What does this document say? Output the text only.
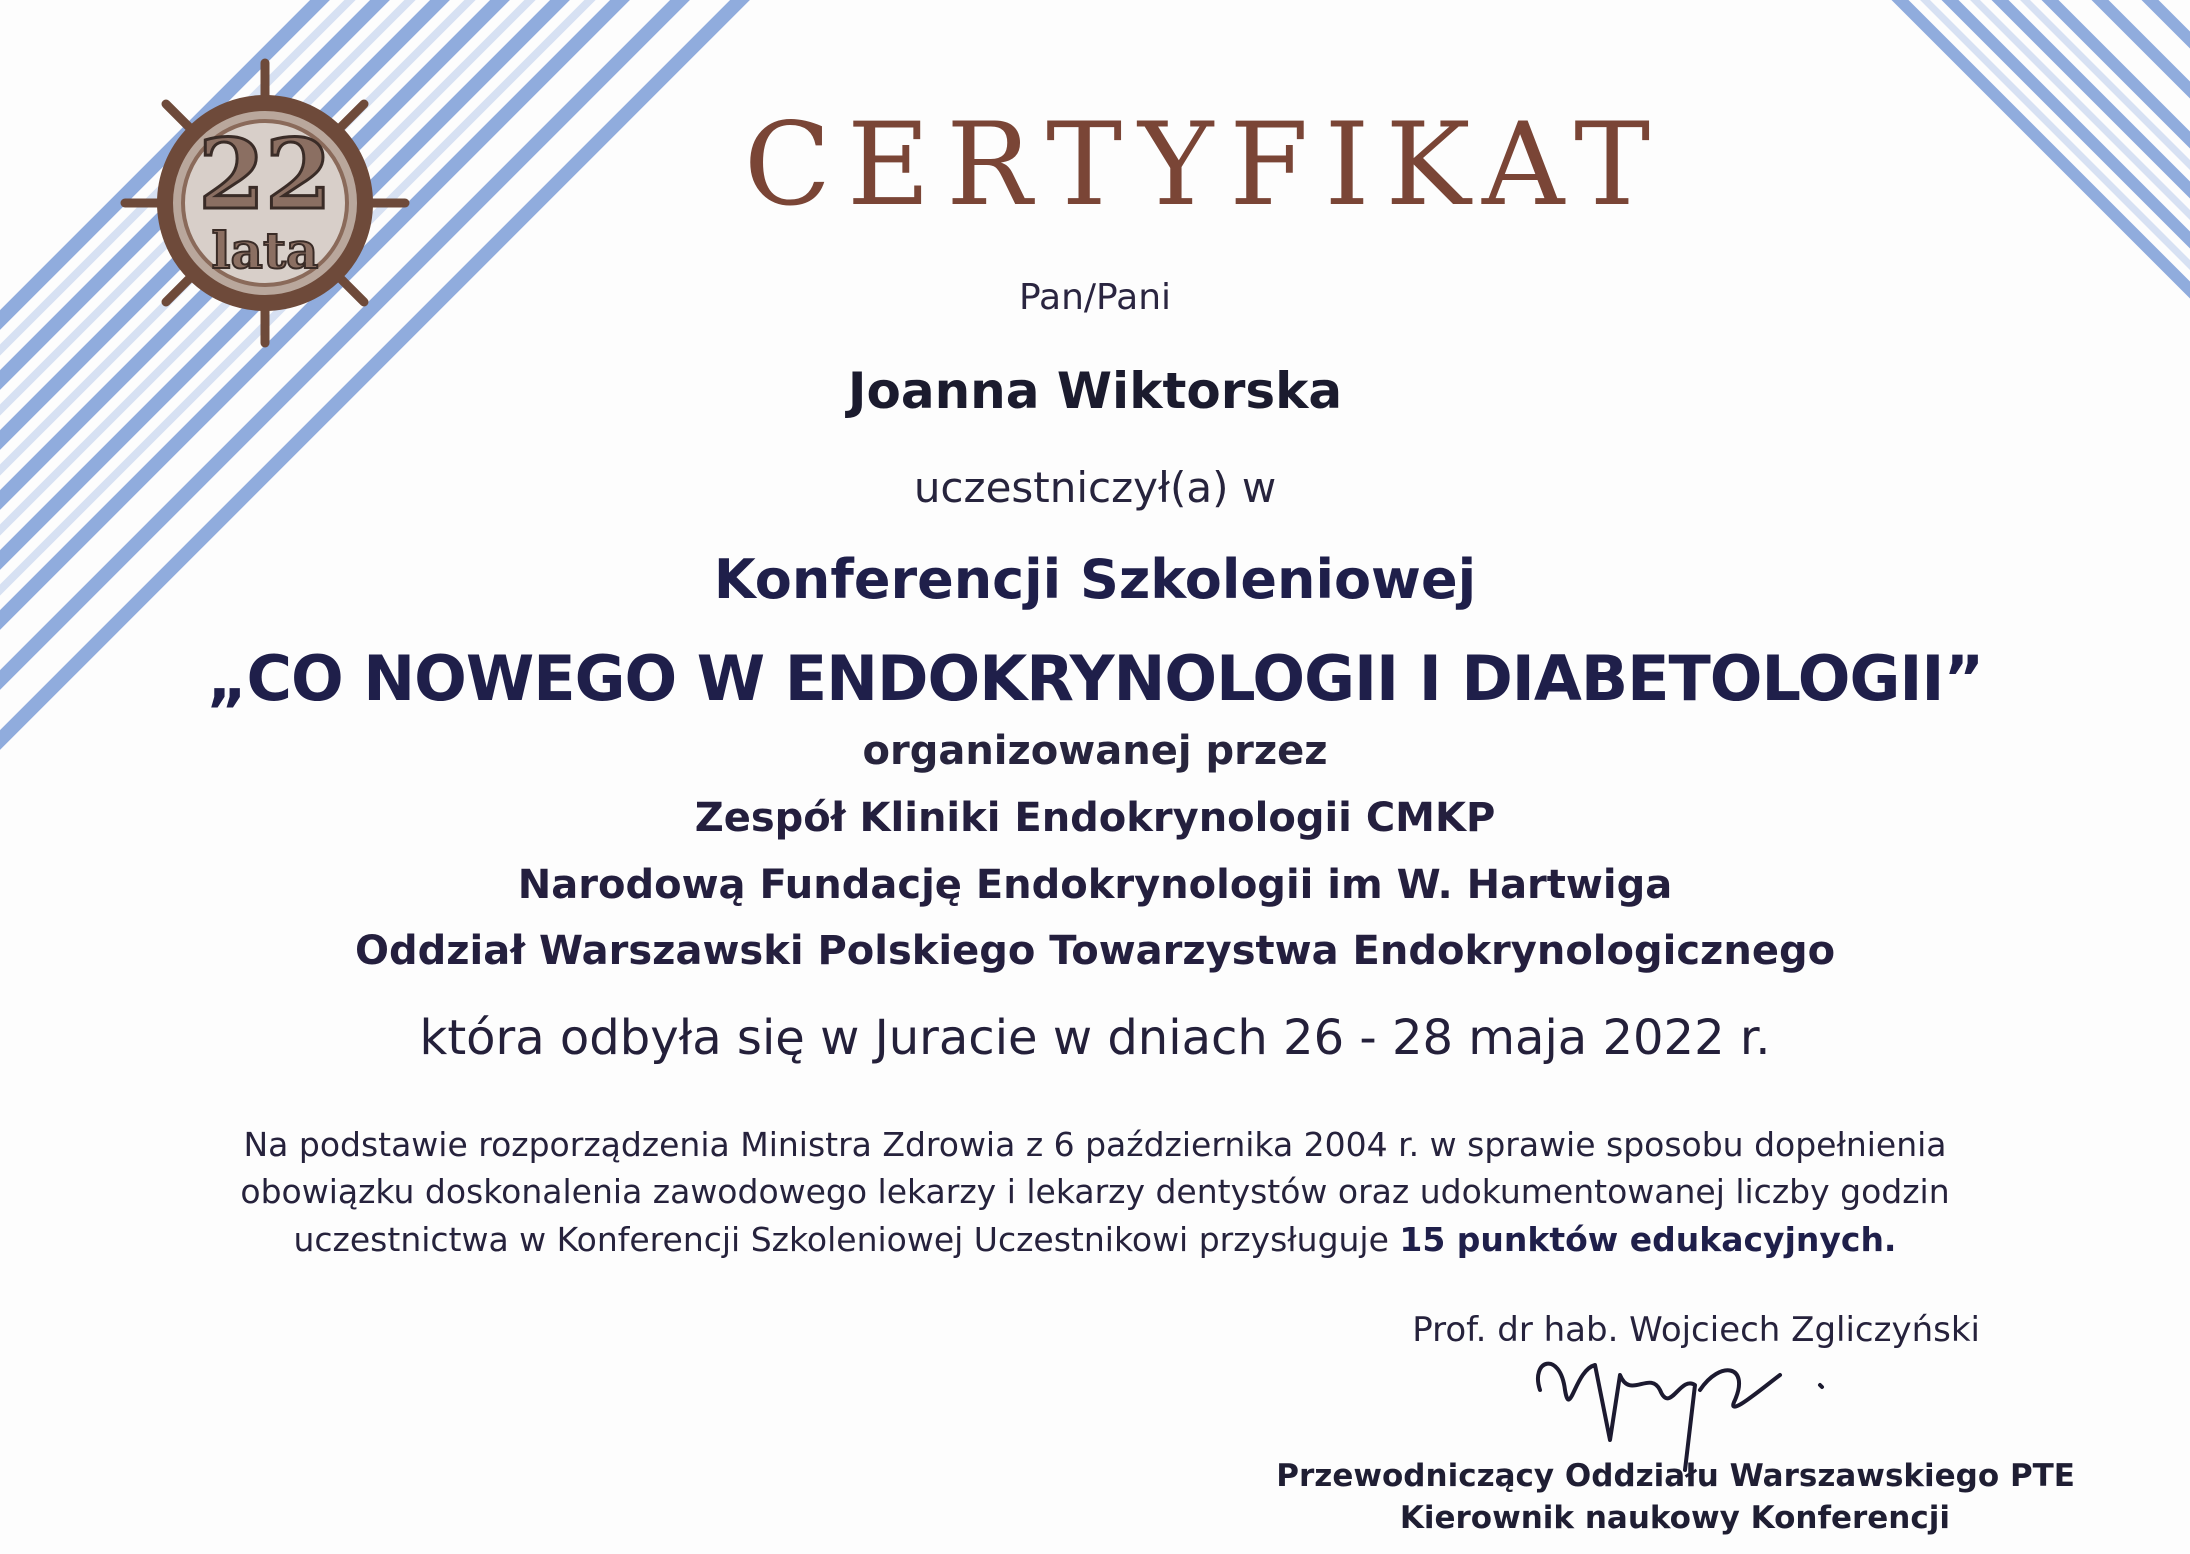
22
lata
CERTYFIKAT
Pan/Pani
Joanna Wiktorska
uczestniczył(a) w
Konferencji Szkoleniowej
„CO NOWEGO W ENDOKRYNOLOGII I DIABETOLOGII”
organizowanej przez
Zespół Kliniki Endokrynologii CMKP
Narodową Fundację Endokrynologii im W. Hartwiga
Oddział Warszawski Polskiego Towarzystwa Endokrynologicznego
która odbyła się w Juracie w dniach 26 - 28 maja 2022 r.
Na podstawie rozporządzenia Ministra Zdrowia z 6 października 2004 r. w sprawie sposobu dopełnienia
obowiązku doskonalenia zawodowego lekarzy i lekarzy dentystów oraz udokumentowanej liczby godzin
uczestnictwa w Konferencji Szkoleniowej Uczestnikowi przysługuje 15 punktów edukacyjnych.
Prof. dr hab. Wojciech Zgliczyński
Przewodniczący Oddziału Warszawskiego PTE
Kierownik naukowy Konferencji
